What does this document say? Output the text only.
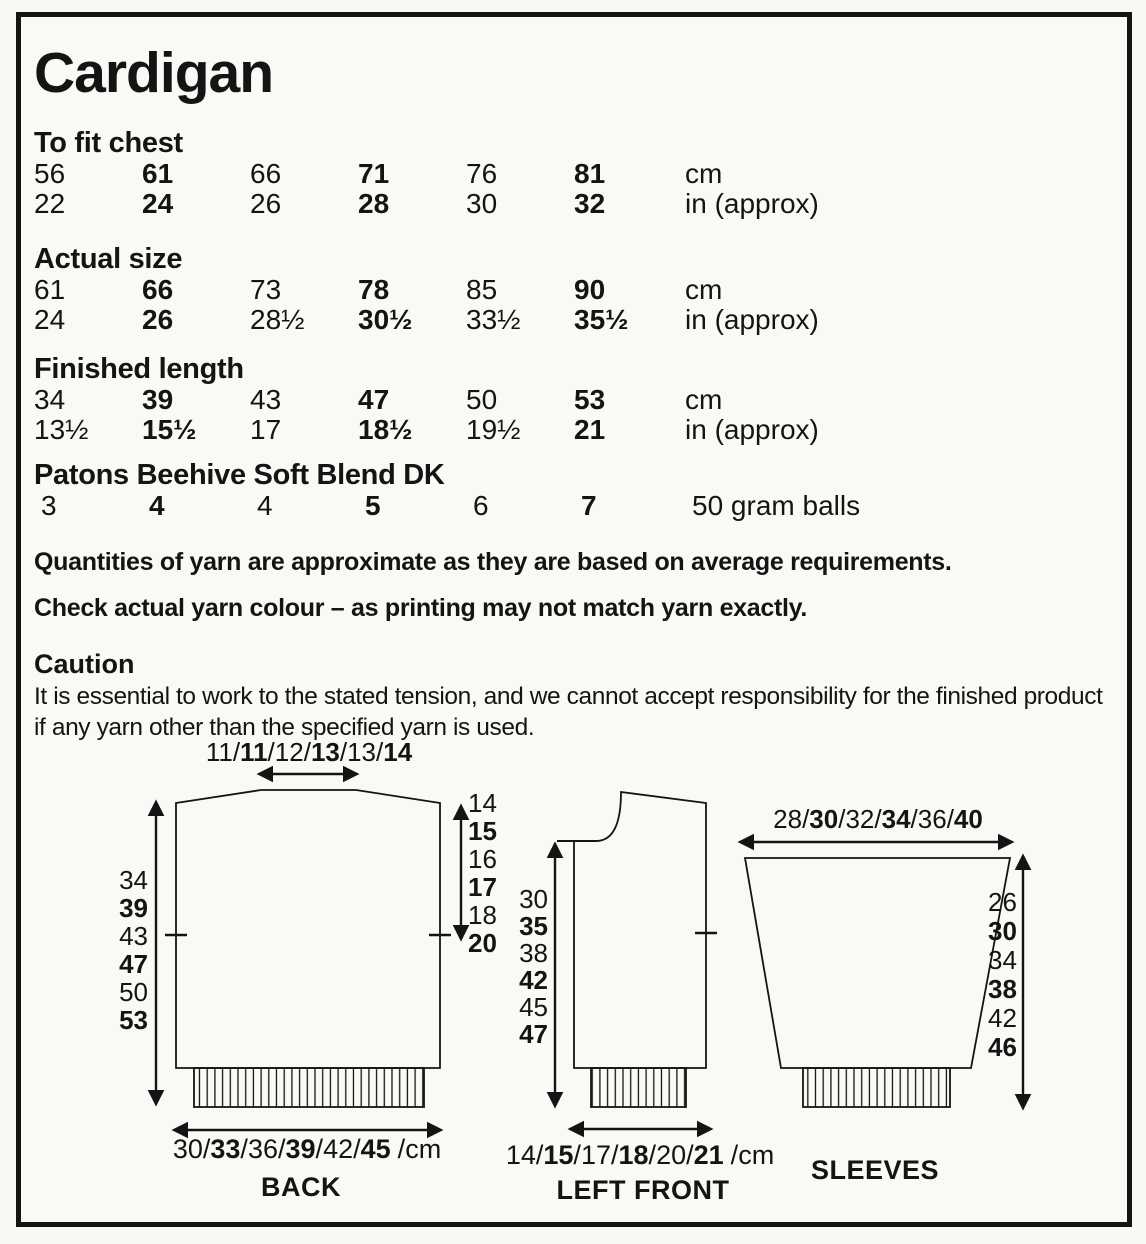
Cardigan
To fit chest
56	61	66	71	76	81	cm
22	24	26	28	30	32	in (approx)
Actual size
61	66	73	78	85	90	cm
24	26	28½	30½	33½	35½	in (approx)
Finished length
34	39	43	47	50	53	cm
13½	15½	17	18½	19½	21	in (approx)
Patons Beehive Soft Blend DK
3	4	4	5	6	7	50 gram balls
Quantities of yarn are approximate as they are based on average requirements.
Check actual yarn colour – as printing may not match yarn exactly.
Caution
It is essential to work to the stated tension, and we cannot accept responsibility for the finished product if any yarn other than the specified yarn is used.
11 / 11 / 12 / 13 / 13 / 14
34
39
43
47
50
53
14
15
16
17
18
20
30 / 33 / 36 / 39 / 42 / 45 / cm
BACK
30
35
38
42
45
47
14 / 15 / 17 / 18 / 20 / 21 / cm
LEFT FRONT
28 / 30 / 32 / 34 / 36 / 40
26
30
34
38
42
46
SLEEVES
